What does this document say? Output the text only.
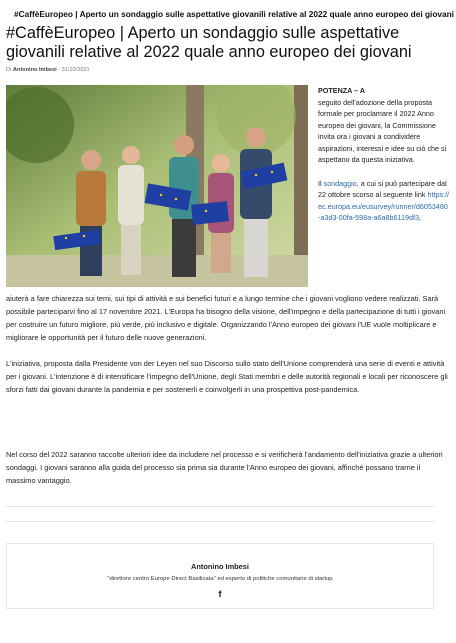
#CaffèEuropeo | Aperto un sondaggio sulle aspettative giovanili relative al 2022 quale anno europeo dei giovani
#CaffèEuropeo | Aperto un sondaggio sulle aspettative giovanili relative al 2022 quale anno europeo dei giovani
Di Antonino Imbesi - 31/10/2021

POTENZA – A
seguito dell'adozione della proposta formale per proclamare il 2022 Anno europeo dei giovani, la Commissione invita ora i giovani a condividere aspirazioni, interessi e idee su ciò che si aspettano da questa iniziativa.

Il sondaggio, a cui si può partecipare dal 22 ottobre scorso al seguente link https://ec.europa.eu/eusurvey/runner/d6053480-a3d3-00fa-598a-a6a8b6119df3,

aiuterà a fare chiarezza sui temi, sui tipi di attività e sui benefici futuri e a lungo termine che i giovani vogliono vedere realizzati. Sarà possibile parteciparvi fino al 17 novembre 2021. L'Europa ha bisogno della visione, dell'impegno e della partecipazione di tutti i giovani per costruire un futuro migliore, più verde, più inclusivo e digitale. Organizzando l'Anno europeo dei giovani l'UE vuole moltiplicare e migliorare le opportunità per il futuro delle nuove generazioni.

L'iniziativa, proposta dalla Presidente von der Leyen nel suo Discorso sullo stato dell'Unione comprenderà una serie di eventi e attività per i giovani. L'intenzione è di intensificare l'impegno dell'Unione, degli Stati membri e delle autorità regionali e locali per riconoscere gli sforzi fatti dai giovani durante la pandemia e per sostenerli e coinvolgerli in una prospettiva post-pandemica.

Nel corso del 2022 saranno raccolte ulteriori idee da includere nel processo e si verificherà l'andamento dell'iniziativa grazie a ulteriori sondaggi. I giovani saranno alla guida del processo sia prima sia durante l'Anno europeo dei giovani, affinché possano trarne il massimo vantaggio.

Antonino Imbesi
"direttore centro Europe Direct Basilicata" ed esperto di politiche comunitarie di startup
f
